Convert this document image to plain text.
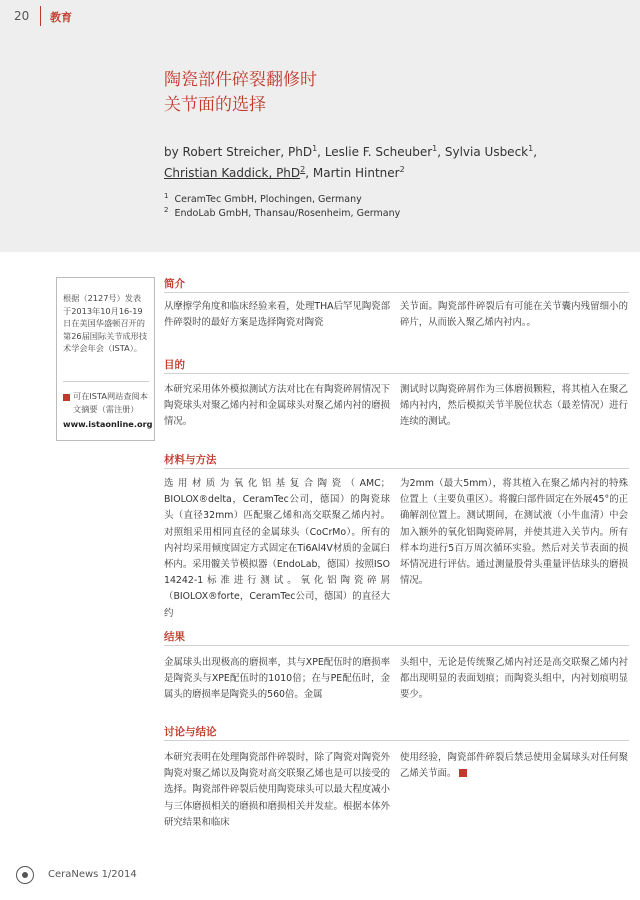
20 教育
陶瓷部件碎裂翻修时
关节面的选择
by Robert Streicher, PhD$^1$, Leslie F. Scheuber$^1$, Sylvia Usbeck$^1$,
Christian Kaddick, PhD$^2$, Martin Hintner$^2$
$^1$ CeramTec GmbH, Plochingen, Germany
$^2$ EndoLab GmbH, Thansau/Rosenheim, Germany
根据（2127号）发表于2013年10月16-19日在美国华盛顿召开的第26届国际关节成形技术学会年会（ISTA）。
可在ISTA网站查阅本文摘要（需注册）
www.istaonline.org
简介
从摩擦学角度和临床经验来看，处理THA后罕见陶瓷部件碎裂时的最好方案是选择陶瓷对陶瓷
关节面。陶瓷部件碎裂后有可能在关节囊内残留细小的碎片，从而嵌入聚乙烯内衬内。。
目的
本研究采用体外模拟测试方法对比在有陶瓷碎屑情况下陶瓷球头对聚乙烯内衬和金属球头对聚乙烯内衬的磨损情况。
测试时以陶瓷碎屑作为三体磨损颗粒，将其植入在聚乙烯内衬内，然后模拟关节半脱位状态（最差情况）进行连续的测试。
材料与方法
选用材质为氧化铝基复合陶瓷（AMC；BIOLOX®delta，CeramTec公司，德国）的陶瓷球头（直径32mm）匹配聚乙烯和高交联聚乙烯内衬。对照组采用相同直径的金属球头（CoCrMo）。所有的内衬均采用倾度固定方式固定在Ti6Al4V材质的金属臼杯内。采用髋关节模拟器（EndoLab，德国）按照ISO 14242-1标准进行测试。氧化铝陶瓷碎屑（BIOLOX®forte，CeramTec公司，德国）的直径大约
为2mm（最大5mm），将其植入在聚乙烯内衬的特殊位置上（主要负重区）。将髋臼部件固定在外展45°的正确解剖位置上。测试期间，在测试液（小牛血清）中会加入额外的氧化铝陶瓷碎屑，并使其进入关节内。所有样本均进行5百万周次循环实验。然后对关节表面的损坏情况进行评估。通过测量股骨头重量评估球头的磨损情况。
结果
金属球头出现极高的磨损率，其与XPE配伍时的磨损率是陶瓷头与XPE配伍时的1010倍；在与PE配伍时，金属头的磨损率是陶瓷头的560倍。金属
头组中，无论是传统聚乙烯内衬还是高交联聚乙烯内衬都出现明显的表面划痕；而陶瓷头组中，内衬划痕明显要少。
讨论与结论
本研究表明在处理陶瓷部件碎裂时，除了陶瓷对陶瓷外陶瓷对聚乙烯以及陶瓷对高交联聚乙烯也是可以接受的选择。陶瓷部件碎裂后使用陶瓷球头可以最大程度减小与三体磨损相关的磨损和磨损相关并发症。根据本体外研究结果和临床
使用经验，陶瓷部件碎裂后禁忌使用金属球头对任何聚乙烯关节面。
CeraNews 1/2014
